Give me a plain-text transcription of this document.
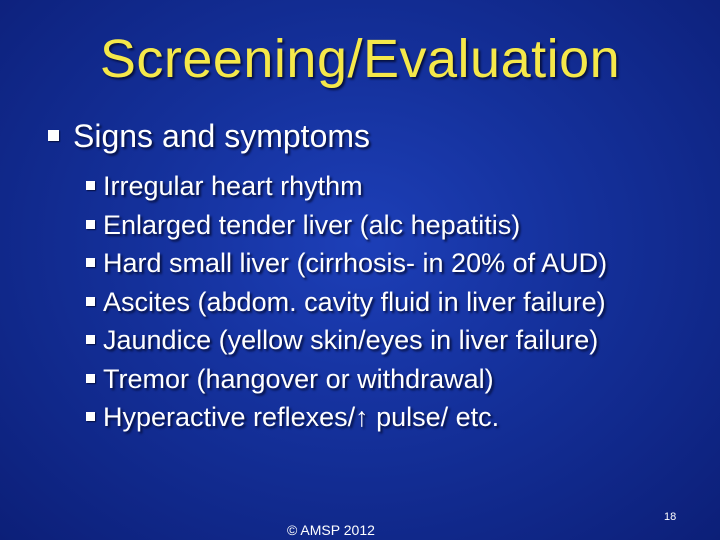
Screening/Evaluation
Signs and symptoms
Irregular heart rhythm
Enlarged tender liver (alc hepatitis)
Hard small liver (cirrhosis- in 20% of AUD)
Ascites (abdom. cavity fluid in liver failure)
Jaundice (yellow skin/eyes in liver failure)
Tremor (hangover or withdrawal)
Hyperactive reflexes/↑ pulse/ etc.
© AMSP 2012
18
